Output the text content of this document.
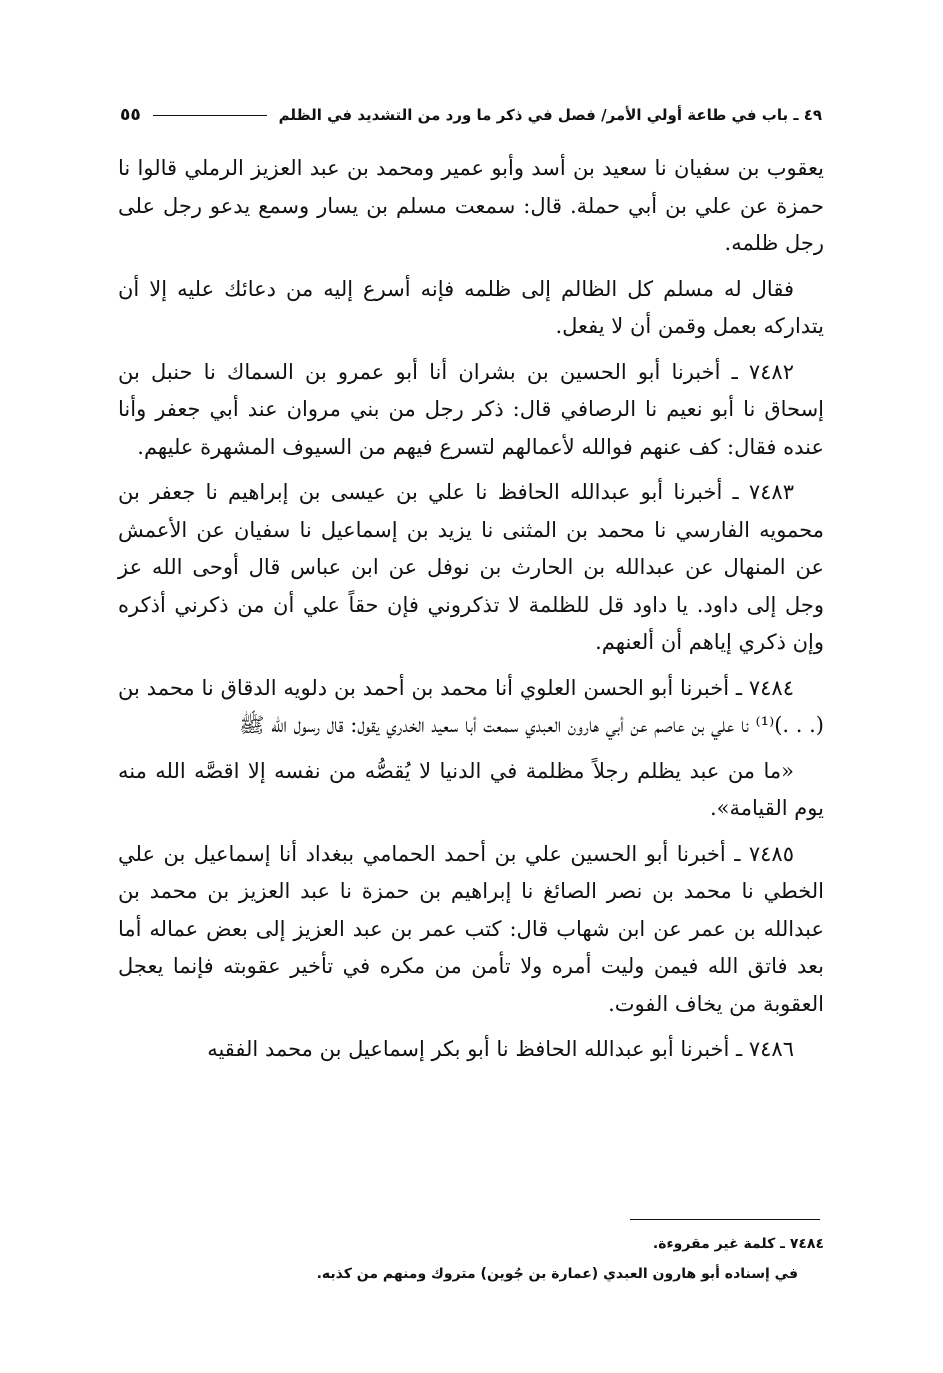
٤٩ ـ باب في طاعة أولي الأمر/ فصل في ذكر ما ورد من التشديد في الظلم
٥٥

يعقوب بن سفيان نا سعيد بن أسد وأبو عمير ومحمد بن عبد العزيز الرملي قالوا نا حمزة عن علي بن أبي حملة. قال: سمعت مسلم بن يسار وسمع يدعو رجل على رجل ظلمه.

فقال له مسلم كل الظالم إلى ظلمه فإنه أسرع إليه من دعائك عليه إلا أن يتداركه بعمل وقمن أن لا يفعل.

٧٤٨٢ ـ أخبرنا أبو الحسين بن بشران أنا أبو عمرو بن السماك نا حنبل بن إسحاق نا أبو نعيم نا الرصافي قال: ذكر رجل من بني مروان عند أبي جعفر وأنا عنده فقال: كف عنهم فوالله لأعمالهم لتسرع فيهم من السيوف المشهرة عليهم.

٧٤٨٣ ـ أخبرنا أبو عبدالله الحافظ نا علي بن عيسى بن إبراهيم نا جعفر بن محمويه الفارسي نا محمد بن المثنى نا يزيد بن إسماعيل نا سفيان عن الأعمش عن المنهال عن عبدالله بن الحارث بن نوفل عن ابن عباس قال أوحى الله عز وجل إلى داود. يا داود قل للظلمة لا تذكروني فإن حقاً علي أن من ذكرني أذكره وإن ذكري إياهم أن ألعنهم.

٧٤٨٤ ـ أخبرنا أبو الحسن العلوي أنا محمد بن أحمد بن دلويه الدقاق نا محمد بن (. . .)⁽¹⁾ نا علي بن عاصم عن أبي هارون العبدي سمعت أبا سعيد الخدري يقول: قال رسول الله ﷺ

«ما من عبد يظلم رجلاً مظلمة في الدنيا لا يُقصُّه من نفسه إلا اقصَّه الله منه يوم القيامة».

٧٤٨٥ ـ أخبرنا أبو الحسين علي بن أحمد الحمامي ببغداد أنا إسماعيل بن علي الخطي نا محمد بن نصر الصائغ نا إبراهيم بن حمزة نا عبد العزيز بن محمد بن عبدالله بن عمر عن ابن شهاب قال: كتب عمر بن عبد العزيز إلى بعض عماله أما بعد فاتق الله فيمن وليت أمره ولا تأمن من مكره في تأخير عقوبته فإنما يعجل العقوبة من يخاف الفوت.

٧٤٨٦ ـ أخبرنا أبو عبدالله الحافظ نا أبو بكر إسماعيل بن محمد الفقيه

٧٤٨٤ ـ كلمة غير مقروءة.

في إسناده أبو هارون العبدي (عمارة بن جُوين) متروك ومنهم من كذبه.
